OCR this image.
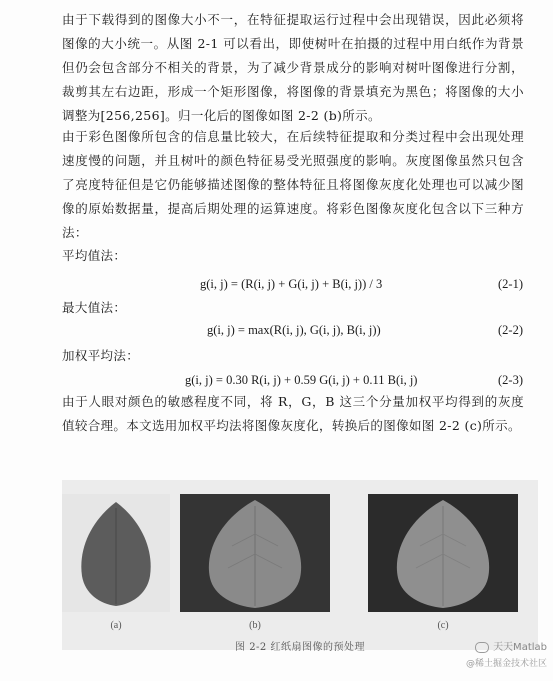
由于下载得到的图像大小不一，在特征提取运行过程中会出现错误，因此必须将图像的大小统一。从图 2-1 可以看出，即使树叶在拍摄的过程中用白纸作为背景但仍会包含部分不相关的背景，为了减少背景成分的影响对树叶图像进行分割，裁剪其左右边距，形成一个矩形图像，将图像的背景填充为黑色；将图像的大小调整为[256,256]。归一化后的图像如图 2-2 (b)所示。
由于彩色图像所包含的信息量比较大，在后续特征提取和分类过程中会出现处理速度慢的问题，并且树叶的颜色特征易受光照强度的影响。灰度图像虽然只包含了亮度特征但是它仍能够描述图像的整体特征且将图像灰度化处理也可以减少图像的原始数据量，提高后期处理的运算速度。将彩色图像灰度化包含以下三种方法：
平均值法：
g(i, j) = (R(i, j) + G(i, j) + B(i, j)) / 3	(2-1)
最大值法：
g(i, j) = max(R(i, j), G(i, j), B(i, j))	(2-2)
加权平均法：
g(i, j) = 0.30 R(i, j) + 0.59 G(i, j) + 0.11 B(i, j)	(2-3)
由于人眼对颜色的敏感程度不同，将 R，G，B 这三个分量加权平均得到的灰度值较合理。本文选用加权平均法将图像灰度化，转换后的图像如图 2-2 (c)所示。
(a)	(b)	(c)
图 2-2 红纸扇图像的预处理	天天Matlab
@稀土掘金技术社区
